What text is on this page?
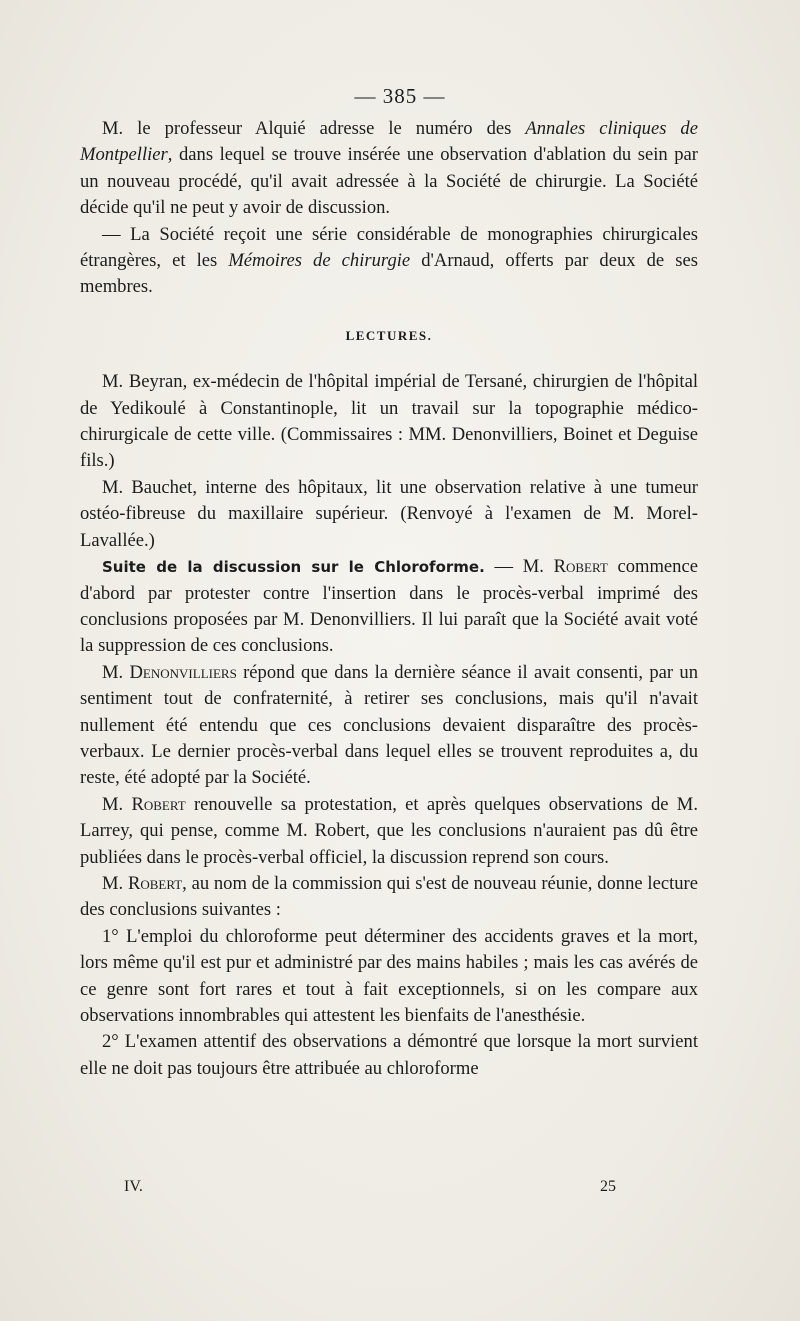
— 385 —

M. le professeur Alquié adresse le numéro des Annales cliniques de Montpellier, dans lequel se trouve insérée une observation d'ablation du sein par un nouveau procédé, qu'il avait adressée à la Société de chirurgie. La Société décide qu'il ne peut y avoir de discussion.

— La Société reçoit une série considérable de monographies chirurgicales étrangères, et les Mémoires de chirurgie d'Arnaud, offerts par deux de ses membres.

LECTURES.

M. Beyran, ex-médecin de l'hôpital impérial de Tersané, chirurgien de l'hôpital de Yedikoulé à Constantinople, lit un travail sur la topographie médico-chirurgicale de cette ville. (Commissaires : MM. Denonvilliers, Boinet et Deguise fils.)

M. Bauchet, interne des hôpitaux, lit une observation relative à une tumeur ostéo-fibreuse du maxillaire supérieur. (Renvoyé à l'examen de M. Morel-Lavallée.)

Suite de la discussion sur le Chloroforme. — M. Robert commence d'abord par protester contre l'insertion dans le procès-verbal imprimé des conclusions proposées par M. Denonvilliers. Il lui paraît que la Société avait voté la suppression de ces conclusions.

M. Denonvilliers répond que dans la dernière séance il avait consenti, par un sentiment tout de confraternité, à retirer ses conclusions, mais qu'il n'avait nullement été entendu que ces conclusions devaient disparaître des procès-verbaux. Le dernier procès-verbal dans lequel elles se trouvent reproduites a, du reste, été adopté par la Société.

M. Robert renouvelle sa protestation, et après quelques observations de M. Larrey, qui pense, comme M. Robert, que les conclusions n'auraient pas dû être publiées dans le procès-verbal officiel, la discussion reprend son cours.

M. Robert, au nom de la commission qui s'est de nouveau réunie, donne lecture des conclusions suivantes :

1° L'emploi du chloroforme peut déterminer des accidents graves et la mort, lors même qu'il est pur et administré par des mains habiles ; mais les cas avérés de ce genre sont fort rares et tout à fait exceptionnels, si on les compare aux observations innombrables qui attestent les bienfaits de l'anesthésie.

2° L'examen attentif des observations a démontré que lorsque la mort survient elle ne doit pas toujours être attribuée au chloroforme

IV.	25
